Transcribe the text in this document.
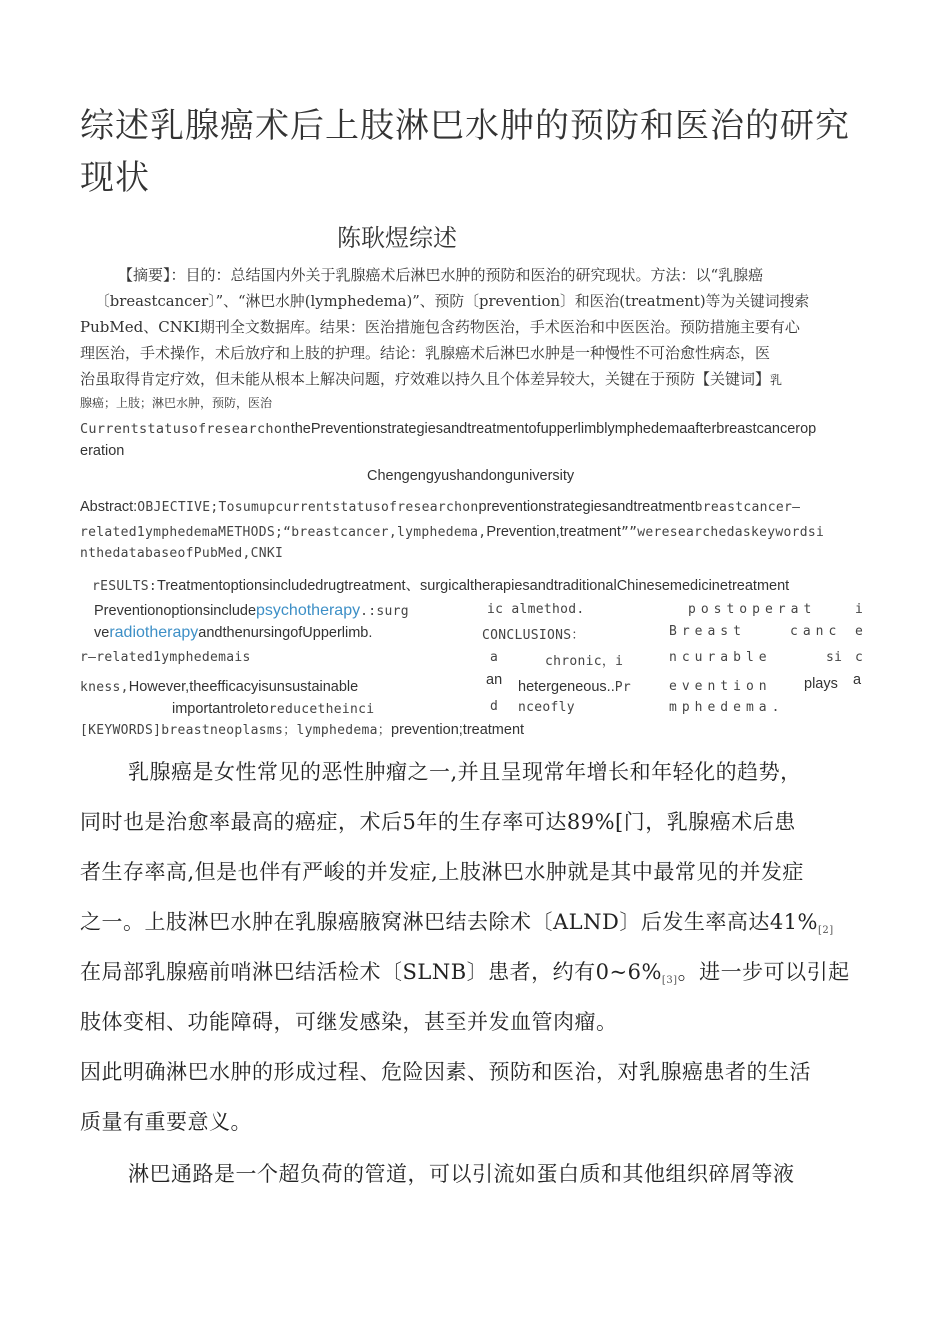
综述乳腺癌术后上肢淋巴水肿的预防和医治的研究
现状
陈耿煜综述
【摘要】：目的：总结国内外关于乳腺癌术后淋巴水肿的预防和医治的研究现状。方法：以“乳腺癌
〔breastcancer〕”、“淋巴水肿(lymphedema)”、预防〔prevention〕和医治(treatment)等为关键词搜索
PubMed、CNKI期刊全文数据库。结果：医治措施包含药物医治，手术医治和中医医治。预防措施主要有心
理医治，手术操作，术后放疗和上肢的护理。结论：乳腺癌术后淋巴水肿是一种慢性不可治愈性病态，医
治虽取得肯定疗效，但未能从根本上解决问题，疗效难以持久且个体差异较大，关键在于预防【关键词】乳
腺癌；上肢；淋巴水肿，预防，医治
CurrentstatusofresearchonthePreventionstrategiesandtreatmentofupperlimblymphedemaafterbreastcancerop
eration
Chengengyushandonguniversity
Abstract:OBJECTIVE;Tosumupcurrentstatusofresearchonpreventionstrategiesandtreatmentbreastcancer—
related1ymphedemaMETHODS;“breastcancer,lymphedema,Prevention,treatment””weresearchedaskeywordsi
nthedatabaseofPubMed,CNKI
rESULTS:Treatmentoptionsincludedrugtreatment、surgicaltherapiesandtraditionalChinesemedicinetreatment
Preventionoptionsincludepsychotherapy.:surg	ic almethod.	postoperat	i
veradiotherapyandthenursingofUpperlimb.	CONCLUSIONS：	Breast	canc e
r—related1ymphedemais	a	chronic，i	ncurable	si c
kness,However,theefficacyisunsustainable	an hetergeneous..Pr	evention plays a
importantroletoreducetheinci	d nceofly	mphedema.
[KEYWORDS]breastneoplasms；lymphedema；prevention;treatment
乳腺癌是女性常见的恶性肿瘤之一,并且呈现常年增长和年轻化的趋势，
同时也是治愈率最高的癌症，术后5年的生存率可达89%[门，乳腺癌术后患
者生存率高,但是也伴有严峻的并发症,上肢淋巴水肿就是其中最常见的并发症
之一。上肢淋巴水肿在乳腺癌腋窝淋巴结去除术〔ALND〕后发生率高达41%[2]
在局部乳腺癌前哨淋巴结活检术〔SLNB〕患者，约有0~6%[3]。进一步可以引起
肢体变相、功能障碍，可继发感染，甚至并发血管肉瘤。
因此明确淋巴水肿的形成过程、危险因素、预防和医治，对乳腺癌患者的生活
质量有重要意义。
淋巴通路是一个超负荷的管道，可以引流如蛋白质和其他组织碎屑等液
